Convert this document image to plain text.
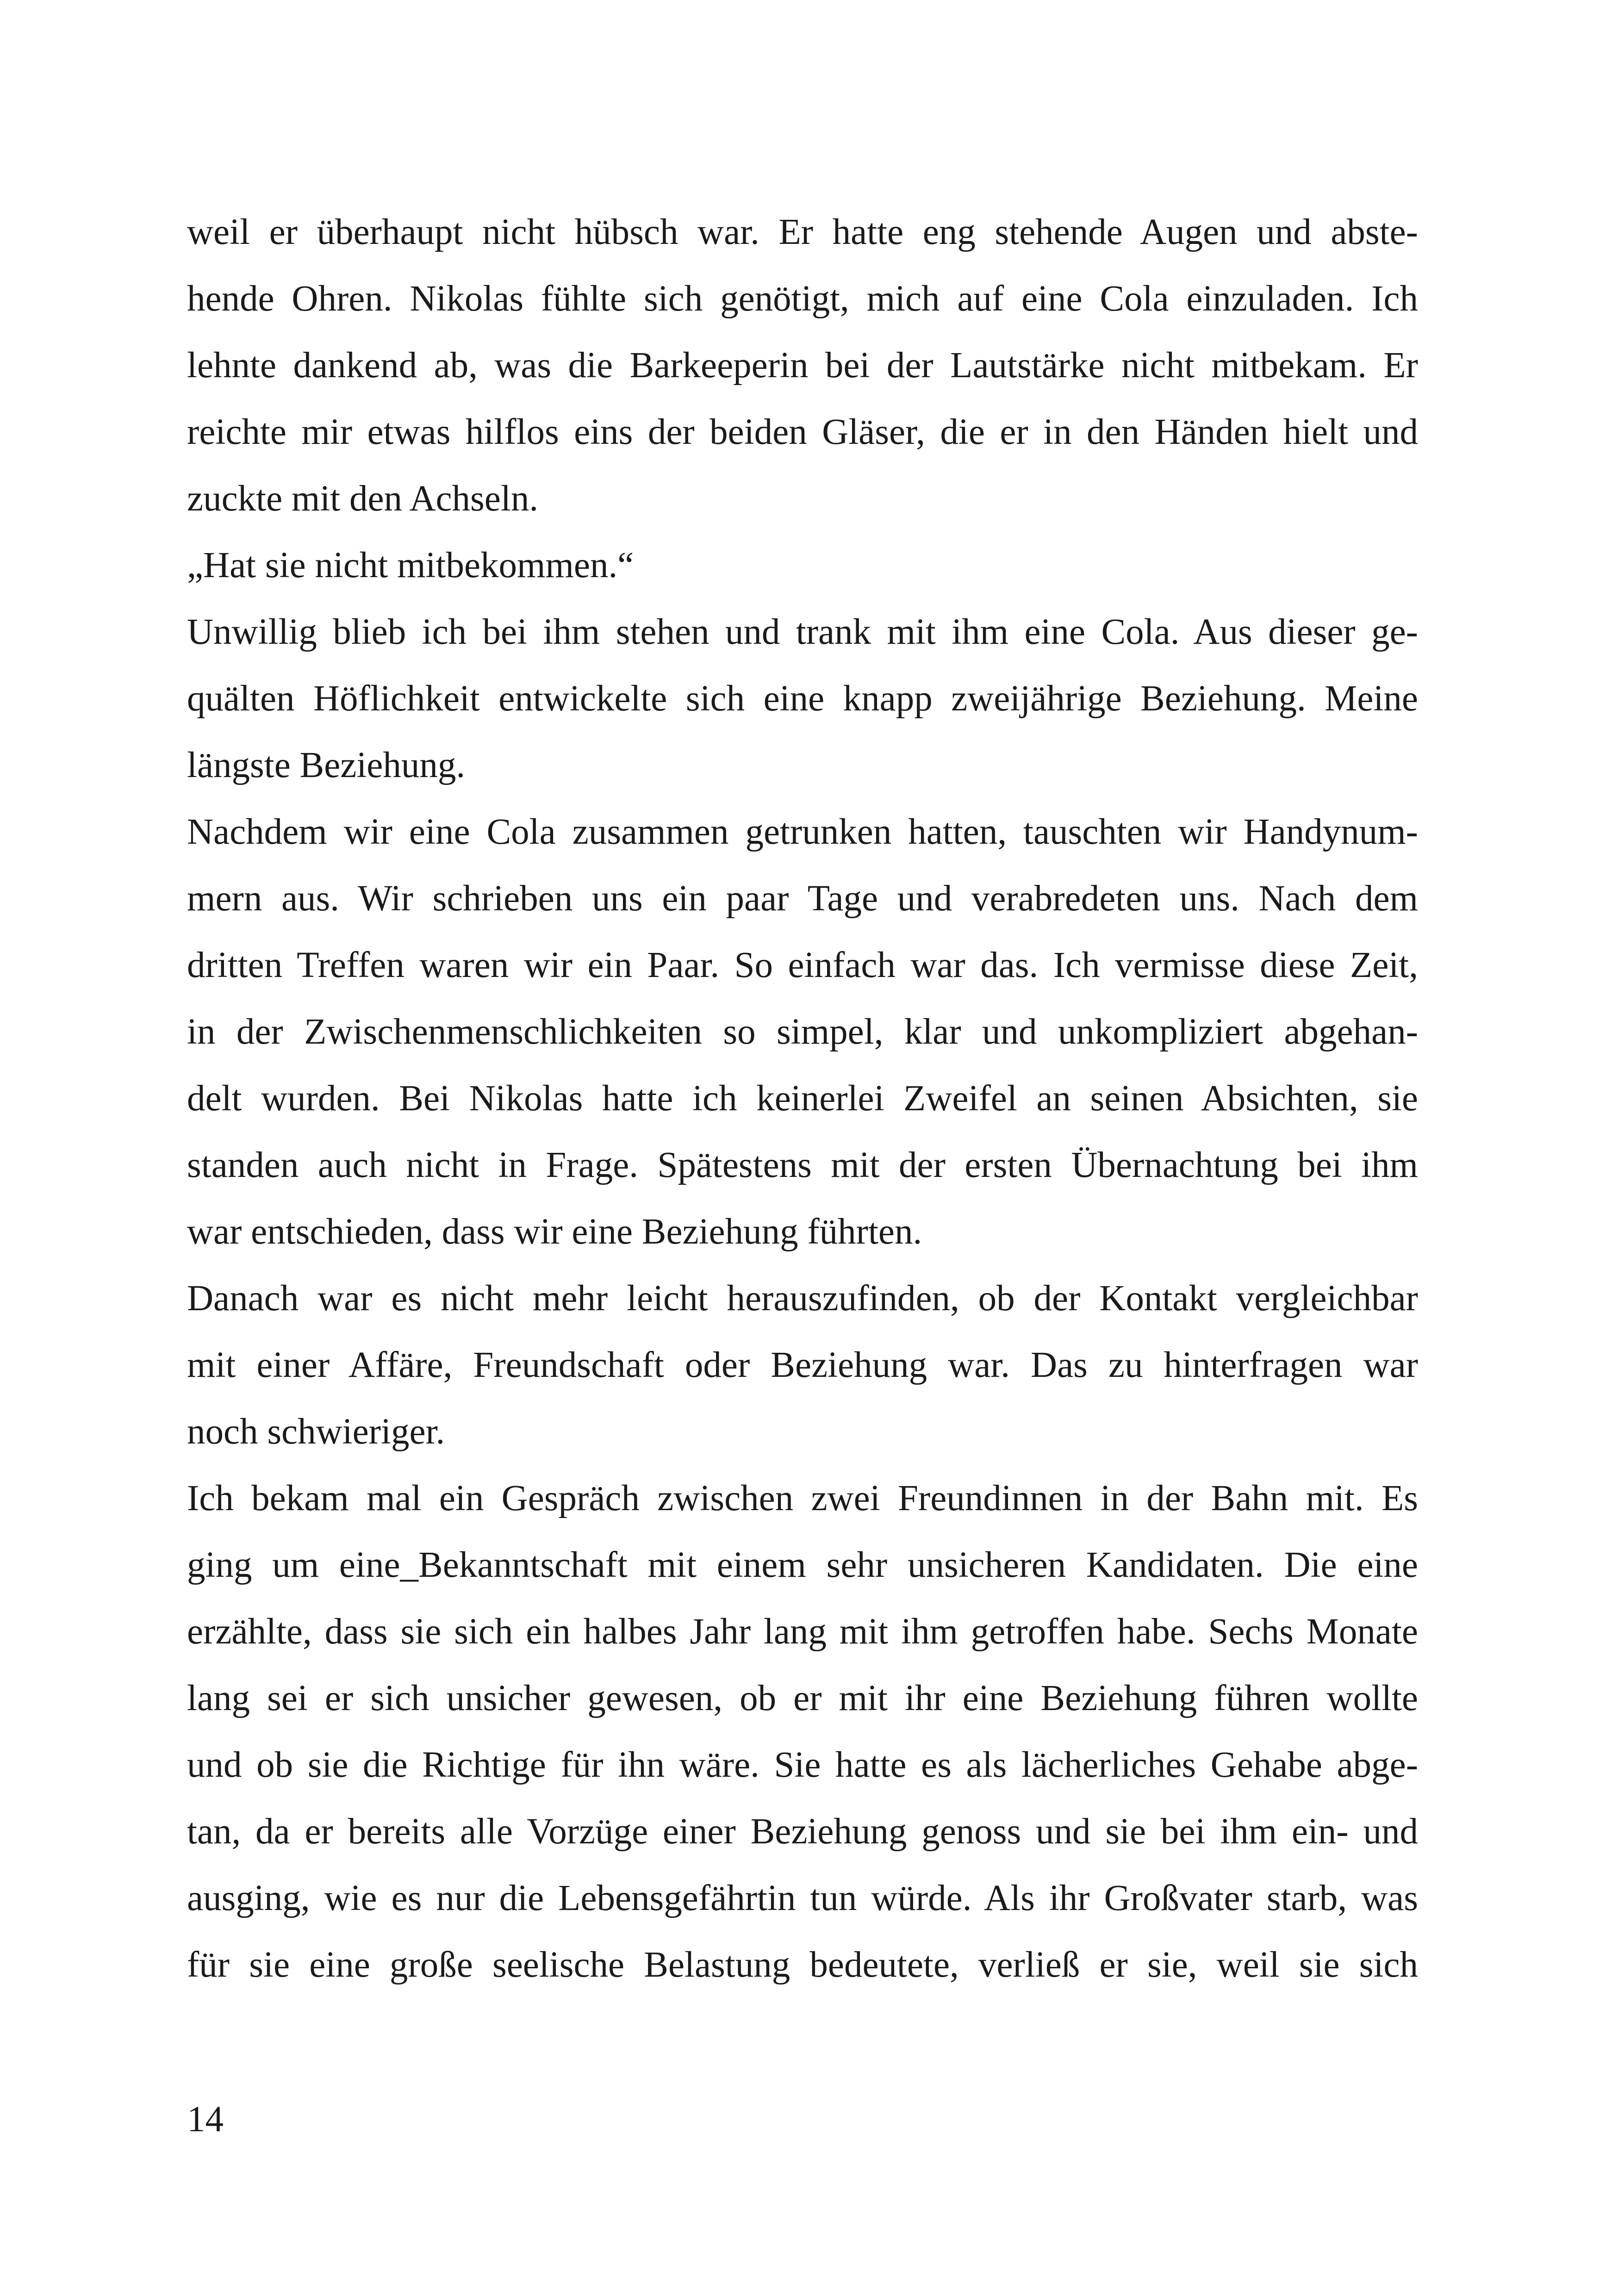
weil er überhaupt nicht hübsch war. Er hatte eng stehende Augen und abste-
hende Ohren. Nikolas fühlte sich genötigt, mich auf eine Cola einzuladen. Ich
lehnte dankend ab, was die Barkeeperin bei der Lautstärke nicht mitbekam. Er
reichte mir etwas hilflos eins der beiden Gläser, die er in den Händen hielt und
zuckte mit den Achseln.
„Hat sie nicht mitbekommen.“
Unwillig blieb ich bei ihm stehen und trank mit ihm eine Cola. Aus dieser ge-
quälten Höflichkeit entwickelte sich eine knapp zweijährige Beziehung. Meine
längste Beziehung.
Nachdem wir eine Cola zusammen getrunken hatten, tauschten wir Handynum-
mern aus. Wir schrieben uns ein paar Tage und verabredeten uns. Nach dem
dritten Treffen waren wir ein Paar. So einfach war das. Ich vermisse diese Zeit,
in der Zwischenmenschlichkeiten so simpel, klar und unkompliziert abgehan-
delt wurden. Bei Nikolas hatte ich keinerlei Zweifel an seinen Absichten, sie
standen auch nicht in Frage. Spätestens mit der ersten Übernachtung bei ihm
war entschieden, dass wir eine Beziehung führten.
Danach war es nicht mehr leicht herauszufinden, ob der Kontakt vergleichbar
mit einer Affäre, Freundschaft oder Beziehung war. Das zu hinterfragen war
noch schwieriger.
Ich bekam mal ein Gespräch zwischen zwei Freundinnen in der Bahn mit. Es
ging um eine_Bekanntschaft mit einem sehr unsicheren Kandidaten. Die eine
erzählte, dass sie sich ein halbes Jahr lang mit ihm getroffen habe. Sechs Monate
lang sei er sich unsicher gewesen, ob er mit ihr eine Beziehung führen wollte
und ob sie die Richtige für ihn wäre. Sie hatte es als lächerliches Gehabe abge-
tan, da er bereits alle Vorzüge einer Beziehung genoss und sie bei ihm ein- und
ausging, wie es nur die Lebensgefährtin tun würde. Als ihr Großvater starb, was
für sie eine große seelische Belastung bedeutete, verließ er sie, weil sie sich
14
